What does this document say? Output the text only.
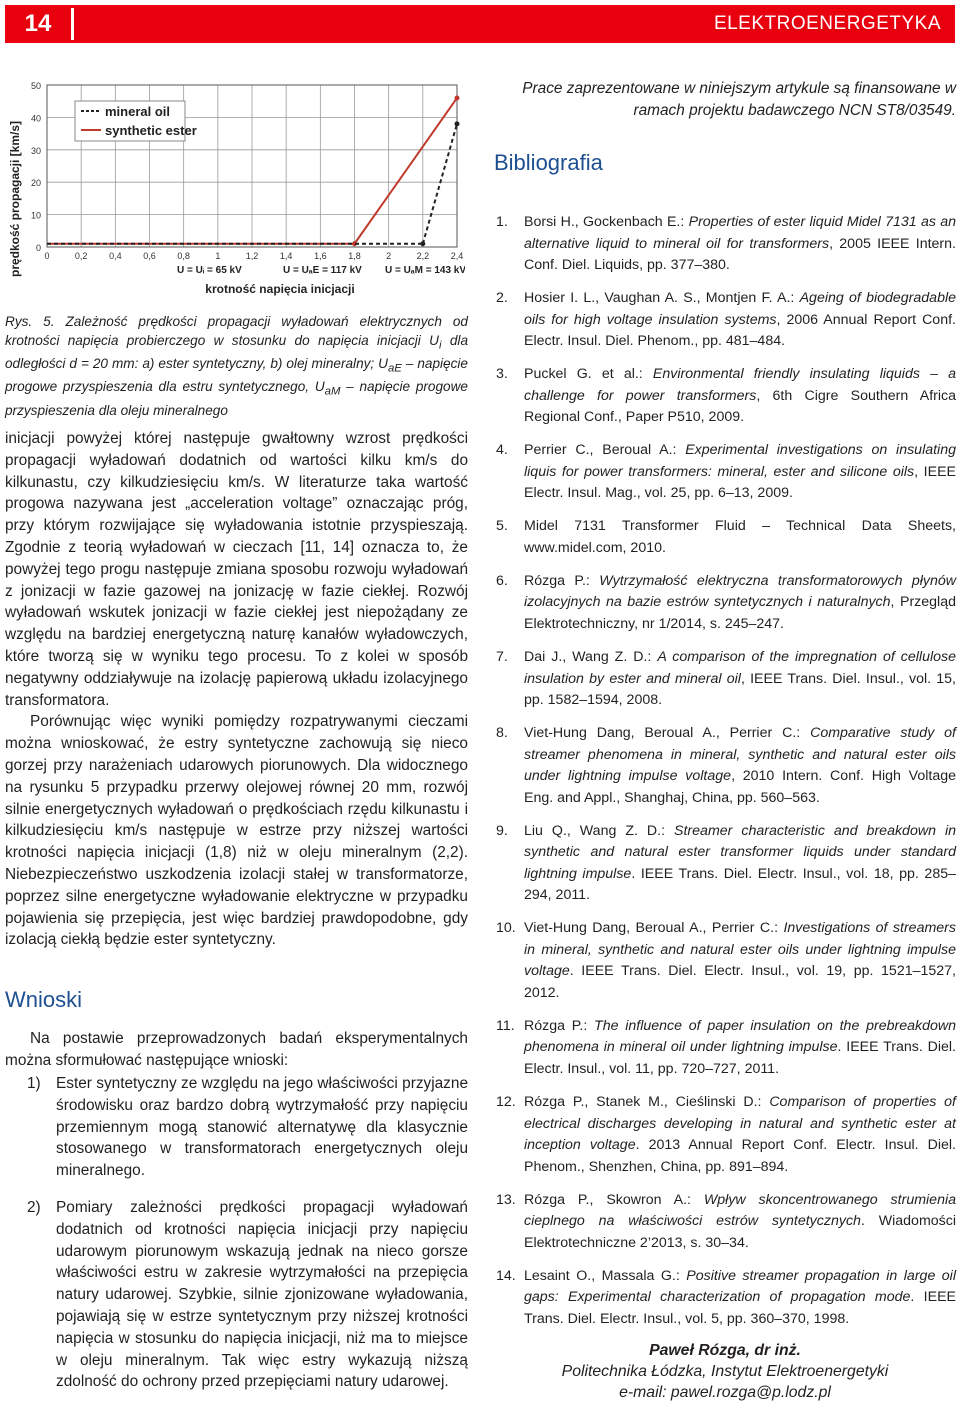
14	ELEKTROENERGETYKA
0
10
20
30
40
50
0	0,2 0,4 0,6 0,8	1	1,2 1,4 1,6 1,8	2	2,2 2,4
mineral oil
synthetic ester
prędkość propagacji [km/s]
krotność napięcia inicjacji
U = Uᵢ = 65 kV	U = UₐE = 117 kV U = UₐM = 143 kV
Rys. 5. Zależność prędkości propagacji wyładowań elektrycznych od krotności napięcia probierczego w stosunku do napięcia inicjacji $U_i$ dla odległości d = 20 mm: a) ester syntetyczny, b) olej mineralny; $U_{aE}$ – napięcie progowe przyspieszenia dla estru syntetycznego, $U_{aM}$ – napięcie progowe przyspieszenia dla oleju mineralnego

inicjacji powyżej której następuje gwałtowny wzrost prędkości propagacji wyładowań dodatnich od wartości kilku km/s do kilkunastu, czy kilkudziesięciu km/s. W literaturze taka wartość progowa nazywana jest „acceleration voltage” oznaczając próg, przy którym rozwijające się wyładowania istotnie przyspieszają. Zgodnie z teorią wyładowań w cieczach [11, 14] oznacza to, że powyżej tego progu następuje zmiana sposobu rozwoju wyładowań z jonizacji w fazie gazowej na jonizację w fazie ciekłej. Rozwój wyładowań wskutek jonizacji w fazie ciekłej jest niepożądany ze względu na bardziej energetyczną naturę kanałów wyładowczych, które tworzą się w wyniku tego procesu. To z kolei w sposób negatywny oddziaływuje na izolację papierową układu izolacyjnego transformatora.

Porównując więc wyniki pomiędzy rozpatrywanymi cieczami można wnioskować, że estry syntetyczne zachowują się nieco gorzej przy narażeniach udarowych piorunowych. Dla widocznego na rysunku 5 przypadku przerwy olejowej równej 20 mm, rozwój silnie energetycznych wyładowań o prędkościach rzędu kilkunastu i kilkudziesięciu km/s następuje w estrze przy niższej wartości krotności napięcia inicjacji (1,8) niż w oleju mineralnym (2,2). Niebezpieczeństwo uszkodzenia izolacji stałej w transformatorze, poprzez silne energetyczne wyładowanie elektryczne w przypadku pojawienia się przepięcia, jest więc bardziej prawdopodobne, gdy izolacją ciekłą będzie ester syntetyczny.

Wnioski

Na postawie przeprowadzonych badań eksperymentalnych można sformułować następujące wnioski:

1) Ester syntetyczny ze względu na jego właściwości przyjazne środowisku oraz bardzo dobrą wytrzymałość przy napięciu przemiennym mogą stanowić alternatywę dla klasycznie stosowanego w transformatorach energetycznych oleju mineralnego.
2) Pomiary zależności prędkości propagacji wyładowań dodatnich od krotności napięcia inicjacji przy napięciu udarowym piorunowym wskazują jednak na nieco gorsze właściwości estru w zakresie wytrzymałości na przepięcia natury udarowej. Szybkie, silnie zjonizowane wyładowania, pojawiają się w estrze syntetycznym przy niższej krotności napięcia w stosunku do napięcia inicjacji, niż ma to miejsce w oleju mineralnym. Tak więc estry wykazują niższą zdolność do ochrony przed przepięciami natury udarowej.
Prace zaprezentowane w niniejszym artykule są finansowane w ramach projektu badawczego NCN ST8/03549.
Bibliografia
1. Borsi H., Gockenbach E.: Properties of ester liquid Midel 7131 as an alternative liquid to mineral oil for transformers, 2005 IEEE Intern. Conf. Diel. Liquids, pp. 377–380.
2. Hosier I. L., Vaughan A. S., Montjen F. A.: Ageing of biodegradable oils for high voltage insulation systems, 2006 Annual Report Conf. Electr. Insul. Diel. Phenom., pp. 481–484.
3. Puckel G. et al.: Environmental friendly insulating liquids – a challenge for power transformers, 6th Cigre Southern Africa Regional Conf., Paper P510, 2009.
4. Perrier C., Beroual A.: Experimental investigations on insulating liquis for power transformers: mineral, ester and silicone oils, IEEE Electr. Insul. Mag., vol. 25, pp. 6–13, 2009.
5. Midel 7131 Transformer Fluid – Technical Data Sheets, www.midel.com, 2010.
6. Rózga P.: Wytrzymałość elektryczna transformatorowych płynów izolacyjnych na bazie estrów syntetycznych i naturalnych, Przegląd Elektrotechniczny, nr 1/2014, s. 245–247.
7. Dai J., Wang Z. D.: A comparison of the impregnation of cellulose insulation by ester and mineral oil, IEEE Trans. Diel. Insul., vol. 15, pp. 1582–1594, 2008.
8. Viet-Hung Dang, Beroual A., Perrier C.: Comparative study of streamer phenomena in mineral, synthetic and natural ester oils under lightning impulse voltage, 2010 Intern. Conf. High Voltage Eng. and Appl., Shanghaj, China, pp. 560–563.
9. Liu Q., Wang Z. D.: Streamer characteristic and breakdown in synthetic and natural ester transformer liquids under standard lightning impulse. IEEE Trans. Diel. Electr. Insul., vol. 18, pp. 285–294, 2011.
10. Viet-Hung Dang, Beroual A., Perrier C.: Investigations of streamers in mineral, synthetic and natural ester oils under lightning impulse voltage. IEEE Trans. Diel. Electr. Insul., vol. 19, pp. 1521–1527, 2012.
11. Rózga P.: The influence of paper insulation on the prebreakdown phenomena in mineral oil under lightning impulse. IEEE Trans. Diel. Electr. Insul., vol. 11, pp. 720–727, 2011.
12. Rózga P., Stanek M., Cieślinski D.: Comparison of properties of electrical discharges developing in natural and synthetic ester at inception voltage. 2013 Annual Report Conf. Electr. Insul. Diel. Phenom., Shenzhen, China, pp. 891–894.
13. Rózga P., Skowron A.: Wpływ skoncentrowanego strumienia cieplnego na właściwości estrów syntetycznych. Wiadomości Elektrotechniczne 2’2013, s. 30–34.
14. Lesaint O., Massala G.: Positive streamer propagation in large oil gaps: Experimental characterization of propagation mode. IEEE Trans. Diel. Electr. Insul., vol. 5, pp. 360–370, 1998.
Paweł Rózga, dr inż.
Politechnika Łódzka, Instytut Elektroenergetyki
e-mail: pawel.rozga@p.lodz.pl
